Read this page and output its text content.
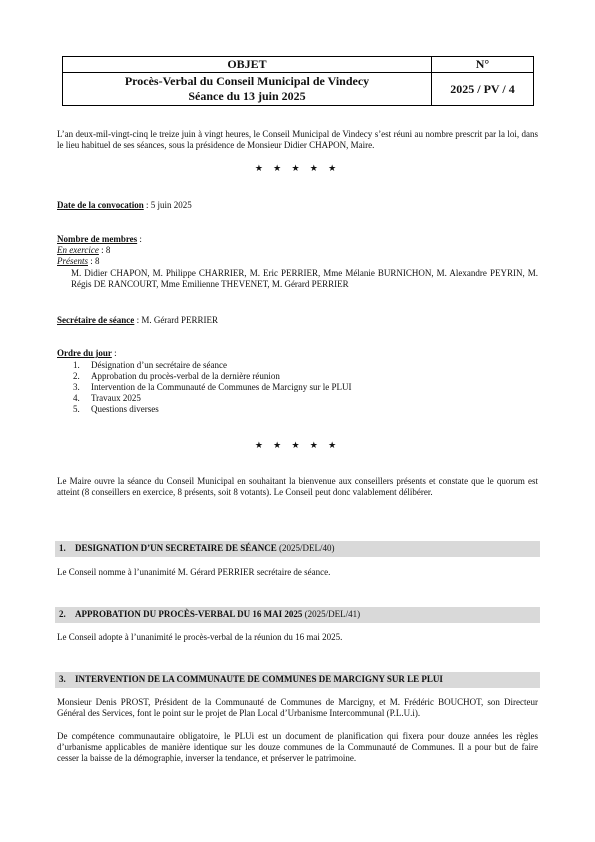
OBJET	N°
Procès-Verbal du Conseil Municipal de Vindecy
Séance du 13 juin 2025	2025 / PV / 4

L’an deux-mil-vingt-cinq le treize juin à vingt heures, le Conseil Municipal de Vindecy s’est réuni au nombre prescrit par la loi, dans le lieu habituel de ses séances, sous la présidence de Monsieur Didier CHAPON, Maire.

★ ★ ★ ★ ★

Date de la convocation : 5 juin 2025

Nombre de membres :
En exercice : 8
Présents : 8

M. Didier CHAPON, M. Philippe CHARRIER, M. Eric PERRIER, Mme Mélanie BURNICHON, M. Alexandre PEYRIN, M. Régis DE RANCOURT, Mme Emilienne THEVENET, M. Gérard PERRIER

Secrétaire de séance : M. Gérard PERRIER

Ordre du jour :

1. Désignation d’un secrétaire de séance
2. Approbation du procès-verbal de la dernière réunion
3. Intervention de la Communauté de Communes de Marcigny sur le PLUI
4. Travaux 2025
5. Questions diverses
★ ★ ★ ★ ★

Le Maire ouvre la séance du Conseil Municipal en souhaitant la bienvenue aux conseillers présents et constate que le quorum est atteint (8 conseillers en exercice, 8 présents, soit 8 votants). Le Conseil peut donc valablement délibérer.

1. DESIGNATION D’UN SECRETAIRE DE SÉANCE (2025/DEL/40)

Le Conseil nomme à l’unanimité M. Gérard PERRIER secrétaire de séance.

2. APPROBATION DU PROCÈS-VERBAL DU 16 MAI 2025 (2025/DEL/41)

Le Conseil adopte à l’unanimité le procès-verbal de la réunion du 16 mai 2025.

3. INTERVENTION DE LA COMMUNAUTE DE COMMUNES DE MARCIGNY SUR LE PLUI

Monsieur Denis PROST, Président de la Communauté de Communes de Marcigny, et M. Frédéric BOUCHOT, son Directeur Général des Services, font le point sur le projet de Plan Local d’Urbanisme Intercommunal (P.L.U.i).

De compétence communautaire obligatoire, le PLUi est un document de planification qui fixera pour douze années les règles d’urbanisme applicables de manière identique sur les douze communes de la Communauté de Communes. Il a pour but de faire cesser la baisse de la démographie, inverser la tendance, et préserver le patrimoine.
